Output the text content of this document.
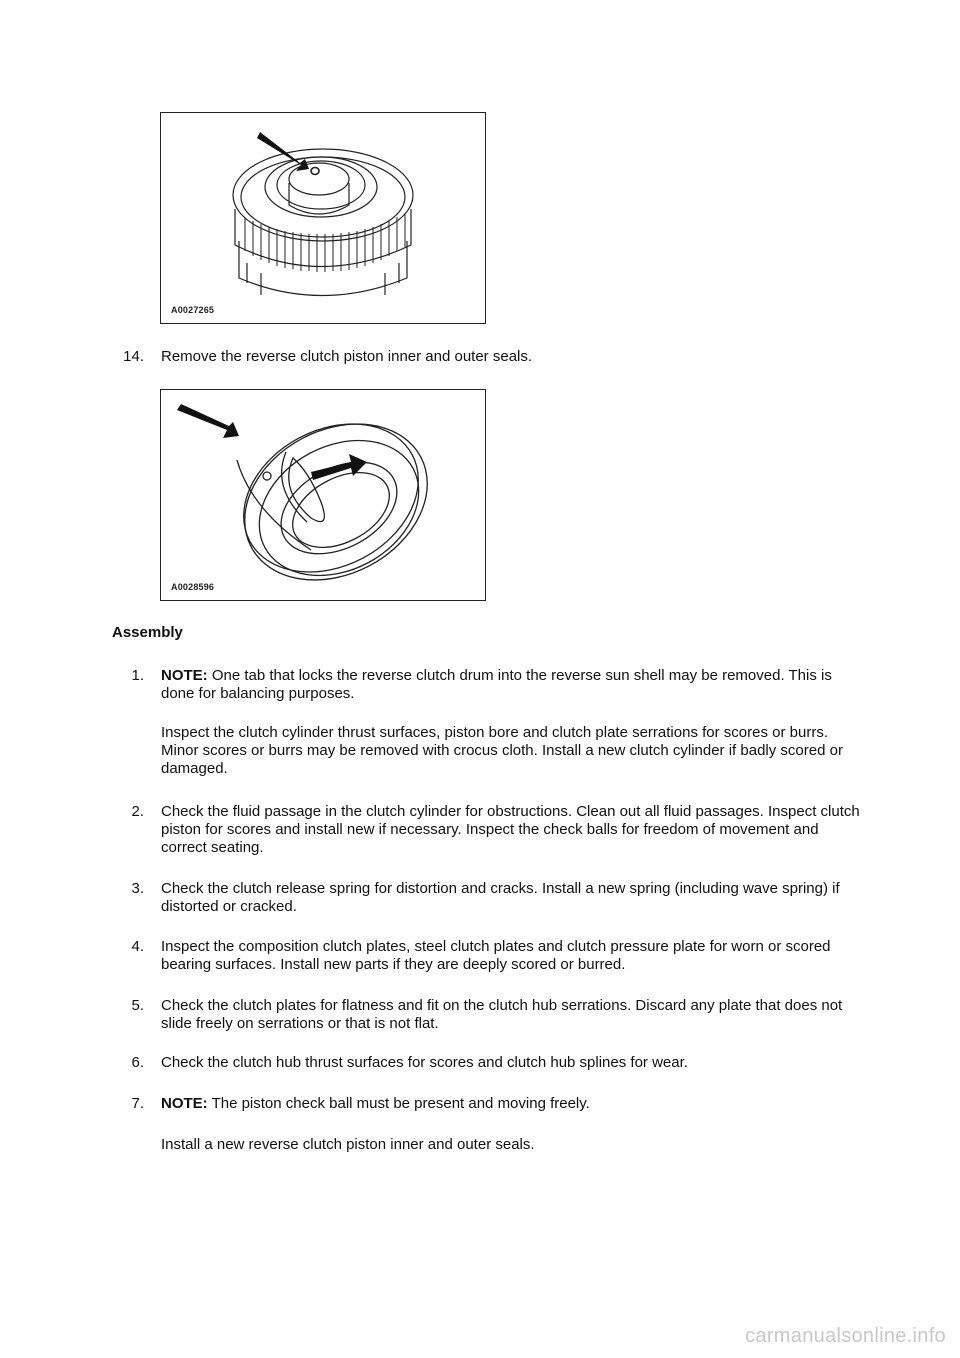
A0027265
14. Remove the reverse clutch piston inner and outer seals.
A0028596
Assembly
1. NOTE: One tab that locks the reverse clutch drum into the reverse sun shell may be removed. This is done for balancing purposes.
Inspect the clutch cylinder thrust surfaces, piston bore and clutch plate serrations for scores or burrs. Minor scores or burrs may be removed with crocus cloth. Install a new clutch cylinder if badly scored or damaged.
2. Check the fluid passage in the clutch cylinder for obstructions. Clean out all fluid passages. Inspect clutch piston for scores and install new if necessary. Inspect the check balls for freedom of movement and correct seating.
3. Check the clutch release spring for distortion and cracks. Install a new spring (including wave spring) if distorted or cracked.
4. Inspect the composition clutch plates, steel clutch plates and clutch pressure plate for worn or scored bearing surfaces. Install new parts if they are deeply scored or burred.
5. Check the clutch plates for flatness and fit on the clutch hub serrations. Discard any plate that does not slide freely on serrations or that is not flat.
6. Check the clutch hub thrust surfaces for scores and clutch hub splines for wear.
7. NOTE: The piston check ball must be present and moving freely.
Install a new reverse clutch piston inner and outer seals.
carmanualsonline.info
